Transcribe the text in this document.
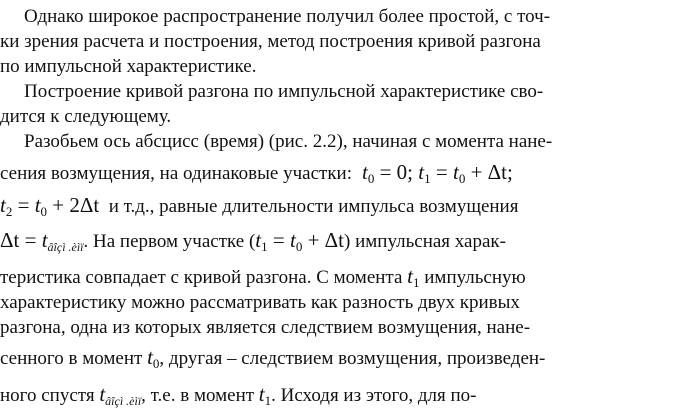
Однако широкое распространение получил более простой, с точ-
ки зрения расчета и построения, метод построения кривой разгона
по импульсной характеристике.
Построение кривой разгона по импульсной характеристике сво-
дится к следующему.
Разобьем ось абсцисс (время) (рис. 2.2), начиная с момента нане-
сения возмущения, на одинаковые участки: $t_0 = 0$; $t_1 = t_0 + \Delta t$;
$t_2 = t_0 + 2\Delta t$ и т.д., равные длительности импульса возмущения
$\Delta t = t_{âîçì .èìï}$. На первом участке $(t_1 = t_0 + \Delta t)$ импульсная харак-
теристика совпадает с кривой разгона. С момента $t_1$ импульсную
характеристику можно рассматривать как разность двух кривых
разгона, одна из которых является следствием возмущения, нане-
сенного в момент $t_0$, другая – следствием возмущения, произведен-
ного спустя $t_{âîçì .èìï}$, т.е. в момент $t_1$. Исходя из этого, для по-
